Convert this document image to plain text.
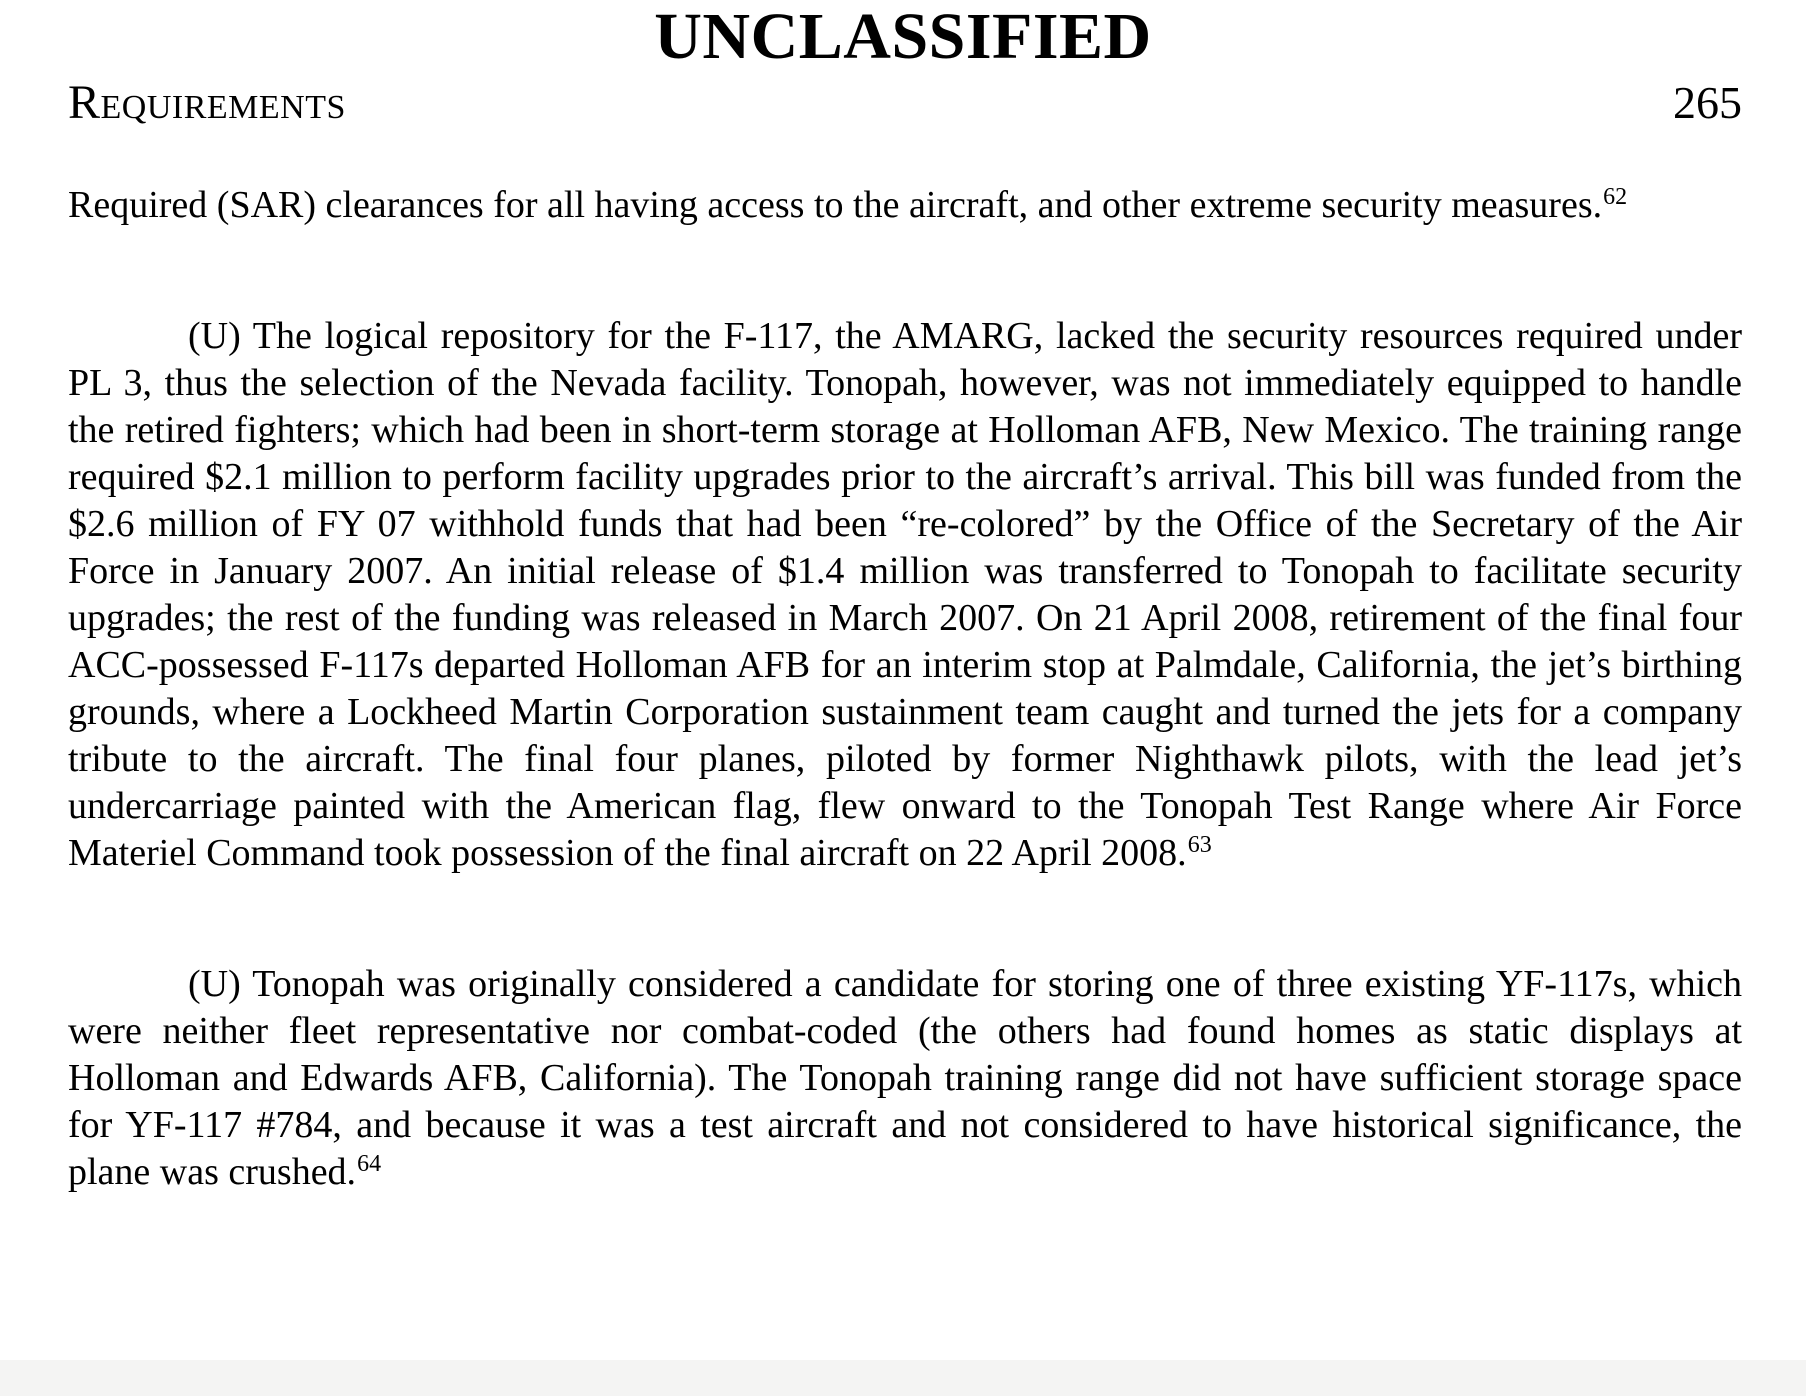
UNCLASSIFIED
Requirements	265

Required (SAR) clearances for all having access to the aircraft, and other extreme security measures.$^{62}$

(U) The logical repository for the F-117, the AMARG, lacked the security resources required under PL 3, thus the selection of the Nevada facility. Tonopah, however, was not immediately equipped to handle the retired fighters; which had been in short-term storage at Holloman AFB, New Mexico. The training range required $2.1 million to perform facility upgrades prior to the aircraft’s arrival. This bill was funded from the $2.6 million of FY 07 withhold funds that had been “re-colored” by the Office of the Secretary of the Air Force in January 2007. An initial release of $1.4 million was transferred to Tonopah to facilitate security upgrades; the rest of the funding was released in March 2007. On 21 April 2008, retirement of the final four ACC-possessed F-117s departed Holloman AFB for an interim stop at Palmdale, California, the jet’s birthing grounds, where a Lockheed Martin Corporation sustainment team caught and turned the jets for a company tribute to the aircraft. The final four planes, piloted by former Nighthawk pilots, with the lead jet’s undercarriage painted with the American flag, flew onward to the Tonopah Test Range where Air Force Materiel Command took possession of the final aircraft on 22 April 2008.63

(U) Tonopah was originally considered a candidate for storing one of three existing YF-117s, which were neither fleet representative nor combat-coded (the others had found homes as static displays at Holloman and Edwards AFB, California). The Tonopah training range did not have sufficient storage space for YF-117 #784, and because it was a test aircraft and not considered to have historical significance, the plane was crushed.$^{64}$
